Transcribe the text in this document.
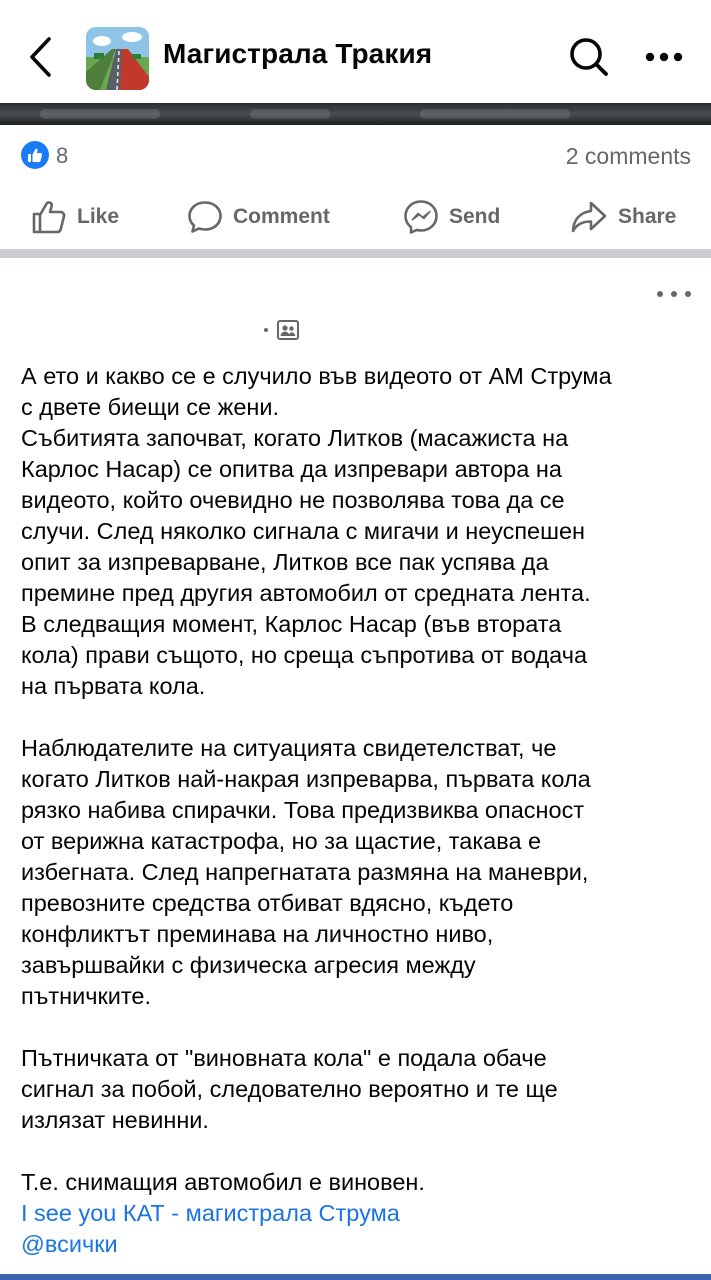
Магистрала Тракия
8	2 comments
Like	Comment	Send	Share

А ето и какво се е случило във видеото от АМ Струма
с двете биещи се жени.
Събитията започват, когато Литков (масажиста на
Карлос Насар) се опитва да изпревари автора на
видеото, който очевидно не позволява това да се
случи. След няколко сигнала с мигачи и неуспешен
опит за изпреварване, Литков все пак успява да
премине пред другия автомобил от средната лента.
В следващия момент, Карлос Насар (във втората
кола) прави същото, но среща съпротива от водача
на първата кола.

Наблюдателите на ситуацията свидетелстват, че
когато Литков най-накрая изпреварва, първата кола
рязко набива спирачки. Това предизвиква опасност
от верижна катастрофа, но за щастие, такава е
избегната. След напрегнатата размяна на маневри,
превозните средства отбиват вдясно, където
конфликтът преминава на личностно ниво,
завършвайки с физическа агресия между
пътничките.

Пътничката от "виновната кола" е подала обаче
сигнал за побой, следователно вероятно и те ще
излязат невинни.

Т.е. снимащия автомобил е виновен.
I see you КАТ - магистрала Струма
@всички
